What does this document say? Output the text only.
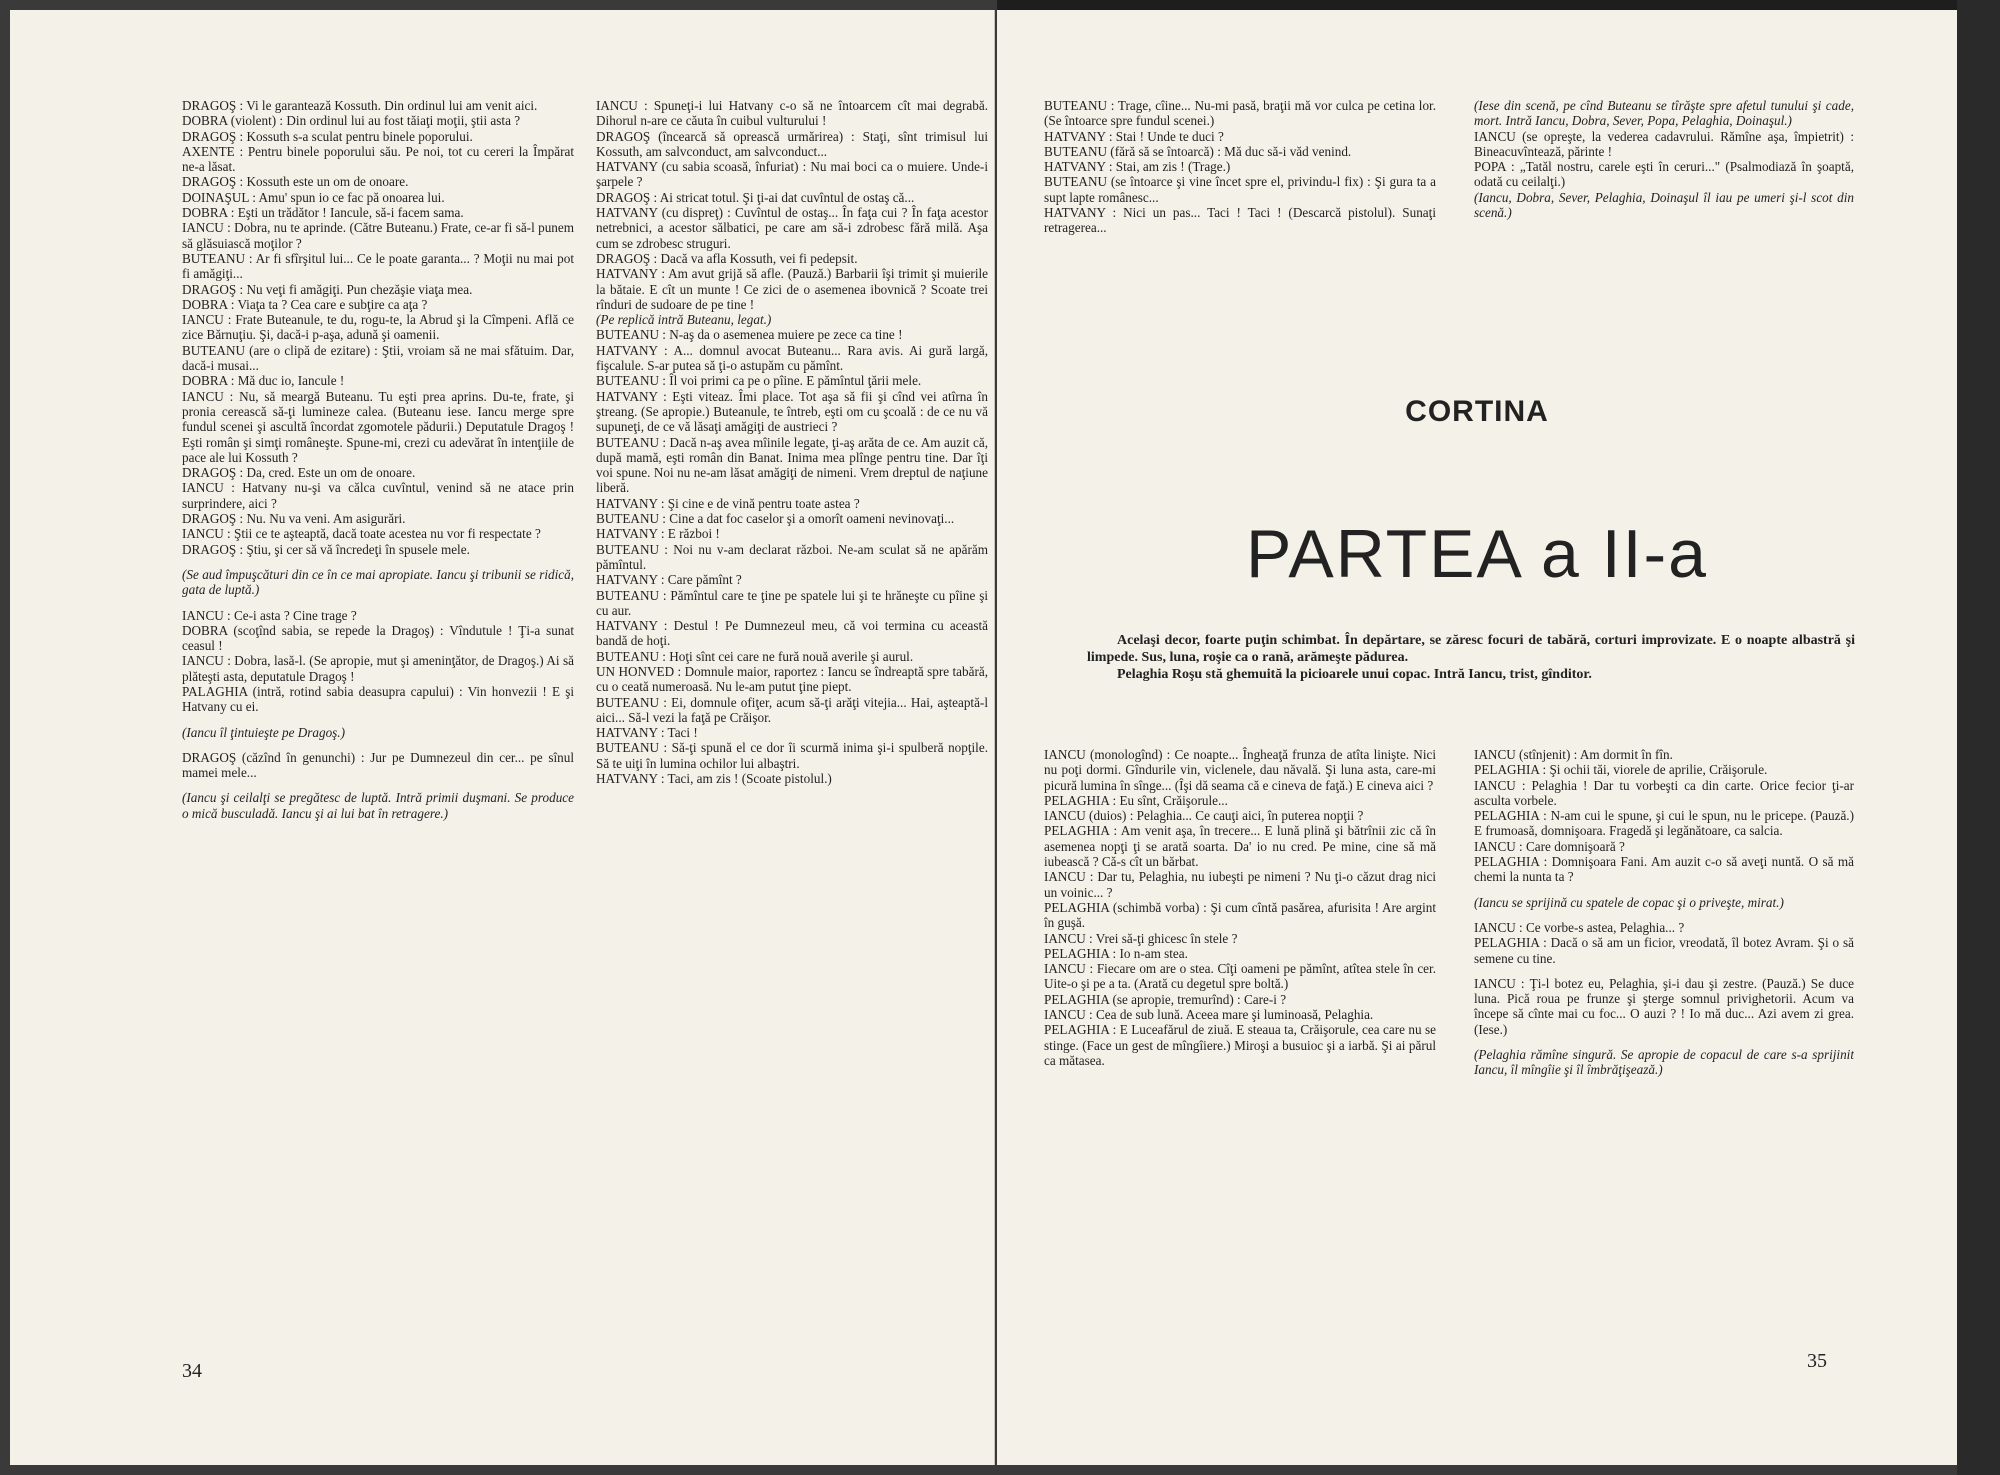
DRAGOŞ : Vi le garantează Kossuth. Din ordinul lui am venit aici.

DOBRA (violent) : Din ordinul lui au fost tăiaţi moţii, ştii asta ?

DRAGOŞ : Kossuth s-a sculat pentru binele poporului.

AXENTE : Pentru binele poporului său. Pe noi, tot cu cereri la Împărat ne-a lăsat.

DRAGOŞ : Kossuth este un om de onoare.

DOINAŞUL : Amu' spun io ce fac pă onoarea lui.

DOBRA : Eşti un trădător ! Iancule, să-i facem sama.

IANCU : Dobra, nu te aprinde. (Către Buteanu.) Frate, ce-ar fi să-l punem să glăsuiască moţilor ?

BUTEANU : Ar fi sfîrşitul lui... Ce le poate garanta... ? Moţii nu mai pot fi amăgiţi...

DRAGOŞ : Nu veţi fi amăgiţi. Pun chezăşie viaţa mea.

DOBRA : Viaţa ta ? Cea care e subţire ca aţa ?

IANCU : Frate Buteanule, te du, rogu-te, la Abrud şi la Cîmpeni. Află ce zice Bărnuţiu. Şi, dacă-i p-aşa, adună şi oamenii.

BUTEANU (are o clipă de ezitare) : Ştii, vroiam să ne mai sfătuim. Dar, dacă-i musai...

DOBRA : Mă duc io, Iancule !

IANCU : Nu, să meargă Buteanu. Tu eşti prea aprins. Du-te, frate, şi pronia cerească să-ţi lumineze calea. (Buteanu iese. Iancu merge spre fundul scenei şi ascultă încordat zgomotele pădurii.) Deputatule Dragoş ! Eşti român şi simţi româneşte. Spune-mi, crezi cu adevărat în intenţiile de pace ale lui Kossuth ?

DRAGOŞ : Da, cred. Este un om de onoare.

IANCU : Hatvany nu-şi va călca cuvîntul, venind să ne atace prin surprindere, aici ?

DRAGOŞ : Nu. Nu va veni. Am asigurări.

IANCU : Ştii ce te aşteaptă, dacă toate acestea nu vor fi respectate ?

DRAGOŞ : Ştiu, şi cer să vă încredeţi în spusele mele.

(Se aud împuşcături din ce în ce mai apropiate. Iancu şi tribunii se ridică, gata de luptă.)

IANCU : Ce-i asta ? Cine trage ?

DOBRA (scoţînd sabia, se repede la Dragoş) : Vîndutule ! Ţi-a sunat ceasul !

IANCU : Dobra, lasă-l. (Se apropie, mut şi ameninţător, de Dragoş.) Ai să plăteşti asta, deputatule Dragoş !

PALAGHIA (intră, rotind sabia deasupra capului) : Vin honvezii ! E şi Hatvany cu ei.

(Iancu îl ţintuieşte pe Dragoş.)

DRAGOŞ (căzînd în genunchi) : Jur pe Dumnezeul din cer... pe sînul mamei mele...

(Iancu şi ceilalţi se pregătesc de luptă. Intră primii duşmani. Se produce o mică busculadă. Iancu şi ai lui bat în retragere.)

IANCU : Spuneţi-i lui Hatvany c-o să ne întoarcem cît mai degrabă. Dihorul n-are ce căuta în cuibul vulturului !

DRAGOŞ (încearcă să oprească urmărirea) : Staţi, sînt trimisul lui Kossuth, am salvconduct, am salvconduct...

HATVANY (cu sabia scoasă, înfuriat) : Nu mai boci ca o muiere. Unde-i şarpele ?

DRAGOŞ : Ai stricat totul. Şi ţi-ai dat cuvîntul de ostaş că...

HATVANY (cu dispreţ) : Cuvîntul de ostaş... În faţa cui ? În faţa acestor netrebnici, a acestor sălbatici, pe care am să-i zdrobesc fără milă. Aşa cum se zdrobesc struguri.

DRAGOŞ : Dacă va afla Kossuth, vei fi pedepsit.

HATVANY : Am avut grijă să afle. (Pauză.) Barbarii îşi trimit şi muierile la bătaie. E cît un munte ! Ce zici de o asemenea ibovnică ? Scoate trei rînduri de sudoare de pe tine !

(Pe replică intră Buteanu, legat.)

BUTEANU : N-aş da o asemenea muiere pe zece ca tine !

HATVANY : A... domnul avocat Buteanu... Rara avis. Ai gură largă, fişcalule. S-ar putea să ţi-o astupăm cu pămînt.

BUTEANU : Îl voi primi ca pe o pîine. E pămîntul ţării mele.

HATVANY : Eşti viteaz. Îmi place. Tot aşa să fii şi cînd vei atîrna în ştreang. (Se apropie.) Buteanule, te întreb, eşti om cu şcoală : de ce nu vă supuneţi, de ce vă lăsaţi amăgiţi de austrieci ?

BUTEANU : Dacă n-aş avea mîinile legate, ţi-aş arăta de ce. Am auzit că, după mamă, eşti român din Banat. Inima mea plînge pentru tine. Dar îţi voi spune. Noi nu ne-am lăsat amăgiţi de nimeni. Vrem dreptul de naţiune liberă.

HATVANY : Şi cine e de vină pentru toate astea ?

BUTEANU : Cine a dat foc caselor şi a omorît oameni nevinovaţi...

HATVANY : E război !

BUTEANU : Noi nu v-am declarat război. Ne-am sculat să ne apărăm pămîntul.

HATVANY : Care pămînt ?

BUTEANU : Pămîntul care te ţine pe spatele lui şi te hrăneşte cu pîine şi cu aur.

HATVANY : Destul ! Pe Dumnezeul meu, că voi termina cu această bandă de hoţi.

BUTEANU : Hoţi sînt cei care ne fură nouă averile şi aurul.

UN HONVED : Domnule maior, raportez : Iancu se îndreaptă spre tabără, cu o ceată numeroasă. Nu le-am putut ţine piept.

BUTEANU : Ei, domnule ofiţer, acum să-ţi arăţi vitejia... Hai, aşteaptă-l aici... Să-l vezi la faţă pe Crăişor.

HATVANY : Taci !

BUTEANU : Să-ţi spună el ce dor îi scurmă inima şi-i spulberă nopţile. Să te uiţi în lumina ochilor lui albaştri.

HATVANY : Taci, am zis ! (Scoate pistolul.)

34

BUTEANU : Trage, cîine... Nu-mi pasă, braţii mă vor culca pe cetina lor. (Se întoarce spre fundul scenei.)

HATVANY : Stai ! Unde te duci ?

BUTEANU (fără să se întoarcă) : Mă duc să-i văd venind.

HATVANY : Stai, am zis ! (Trage.)

BUTEANU (se întoarce şi vine încet spre el, privindu-l fix) : Şi gura ta a supt lapte românesc...

HATVANY : Nici un pas... Taci ! Taci ! (Descarcă pistolul). Sunaţi retragerea...

(Iese din scenă, pe cînd Buteanu se tîrăşte spre afetul tunului şi cade, mort. Intră Iancu, Dobra, Sever, Popa, Pelaghia, Doinaşul.)

IANCU (se opreşte, la vederea cadavrului. Rămîne aşa, împietrit) : Bineacuvîntează, părinte !

POPA : „Tatăl nostru, carele eşti în ceruri..." (Psalmodiază în şoaptă, odată cu ceilalţi.)

(Iancu, Dobra, Sever, Pelaghia, Doinaşul îl iau pe umeri şi-l scot din scenă.)

CORTINA
PARTEA a II-a

Acelaşi decor, foarte puţin schimbat. În depărtare, se zăresc focuri de tabără, corturi improvizate. E o noapte albastră şi limpede. Sus, luna, roşie ca o rană, arămeşte pădurea.

Pelaghia Roşu stă ghemuită la picioarele unui copac. Intră Iancu, trist, gînditor.

IANCU (monologînd) : Ce noapte... Îngheaţă frunza de atîta linişte. Nici nu poţi dormi. Gîndurile vin, viclenele, dau năvală. Şi luna asta, care-mi picură lumina în sînge... (Îşi dă seama că e cineva de faţă.) E cineva aici ?

PELAGHIA : Eu sînt, Crăişorule...

IANCU (duios) : Pelaghia... Ce cauţi aici, în puterea nopţii ?

PELAGHIA : Am venit aşa, în trecere... E lună plină şi bătrînii zic că în asemenea nopţi ţi se arată soarta. Da' io nu cred. Pe mine, cine să mă iubească ? Că-s cît un bărbat.

IANCU : Dar tu, Pelaghia, nu iubeşti pe nimeni ? Nu ţi-o căzut drag nici un voinic... ?

PELAGHIA (schimbă vorba) : Şi cum cîntă pasărea, afurisita ! Are argint în guşă.

IANCU : Vrei să-ţi ghicesc în stele ?

PELAGHIA : Io n-am stea.

IANCU : Fiecare om are o stea. Cîţi oameni pe pămînt, atîtea stele în cer. Uite-o şi pe a ta. (Arată cu degetul spre boltă.)

PELAGHIA (se apropie, tremurînd) : Care-i ?

IANCU : Cea de sub lună. Aceea mare şi luminoasă, Pelaghia.

PELAGHIA : E Luceafărul de ziuă. E steaua ta, Crăişorule, cea care nu se stinge. (Face un gest de mîngîiere.) Miroşi a busuioc şi a iarbă. Şi ai părul ca mătasea.

IANCU (stînjenit) : Am dormit în fîn.

PELAGHIA : Şi ochii tăi, viorele de aprilie, Crăişorule.

IANCU : Pelaghia ! Dar tu vorbeşti ca din carte. Orice fecior ţi-ar asculta vorbele.

PELAGHIA : N-am cui le spune, şi cui le spun, nu le pricepe. (Pauză.) E frumoasă, domnişoara. Fragedă şi legănătoare, ca salcia.

IANCU : Care domnişoară ?

PELAGHIA : Domnişoara Fani. Am auzit c-o să aveţi nuntă. O să mă chemi la nunta ta ?

(Iancu se sprijină cu spatele de copac şi o priveşte, mirat.)

IANCU : Ce vorbe-s astea, Pelaghia... ?

PELAGHIA : Dacă o să am un ficior, vreodată, îl botez Avram. Şi o să semene cu tine.

IANCU : Ţi-l botez eu, Pelaghia, şi-i dau şi zestre. (Pauză.) Se duce luna. Pică roua pe frunze şi şterge somnul privighetorii. Acum va începe să cînte mai cu foc... O auzi ? ! Io mă duc... Azi avem zi grea. (Iese.)

(Pelaghia rămîne singură. Se apropie de copacul de care s-a sprijinit Iancu, îl mîngîie şi îl îmbrăţişează.)

35
